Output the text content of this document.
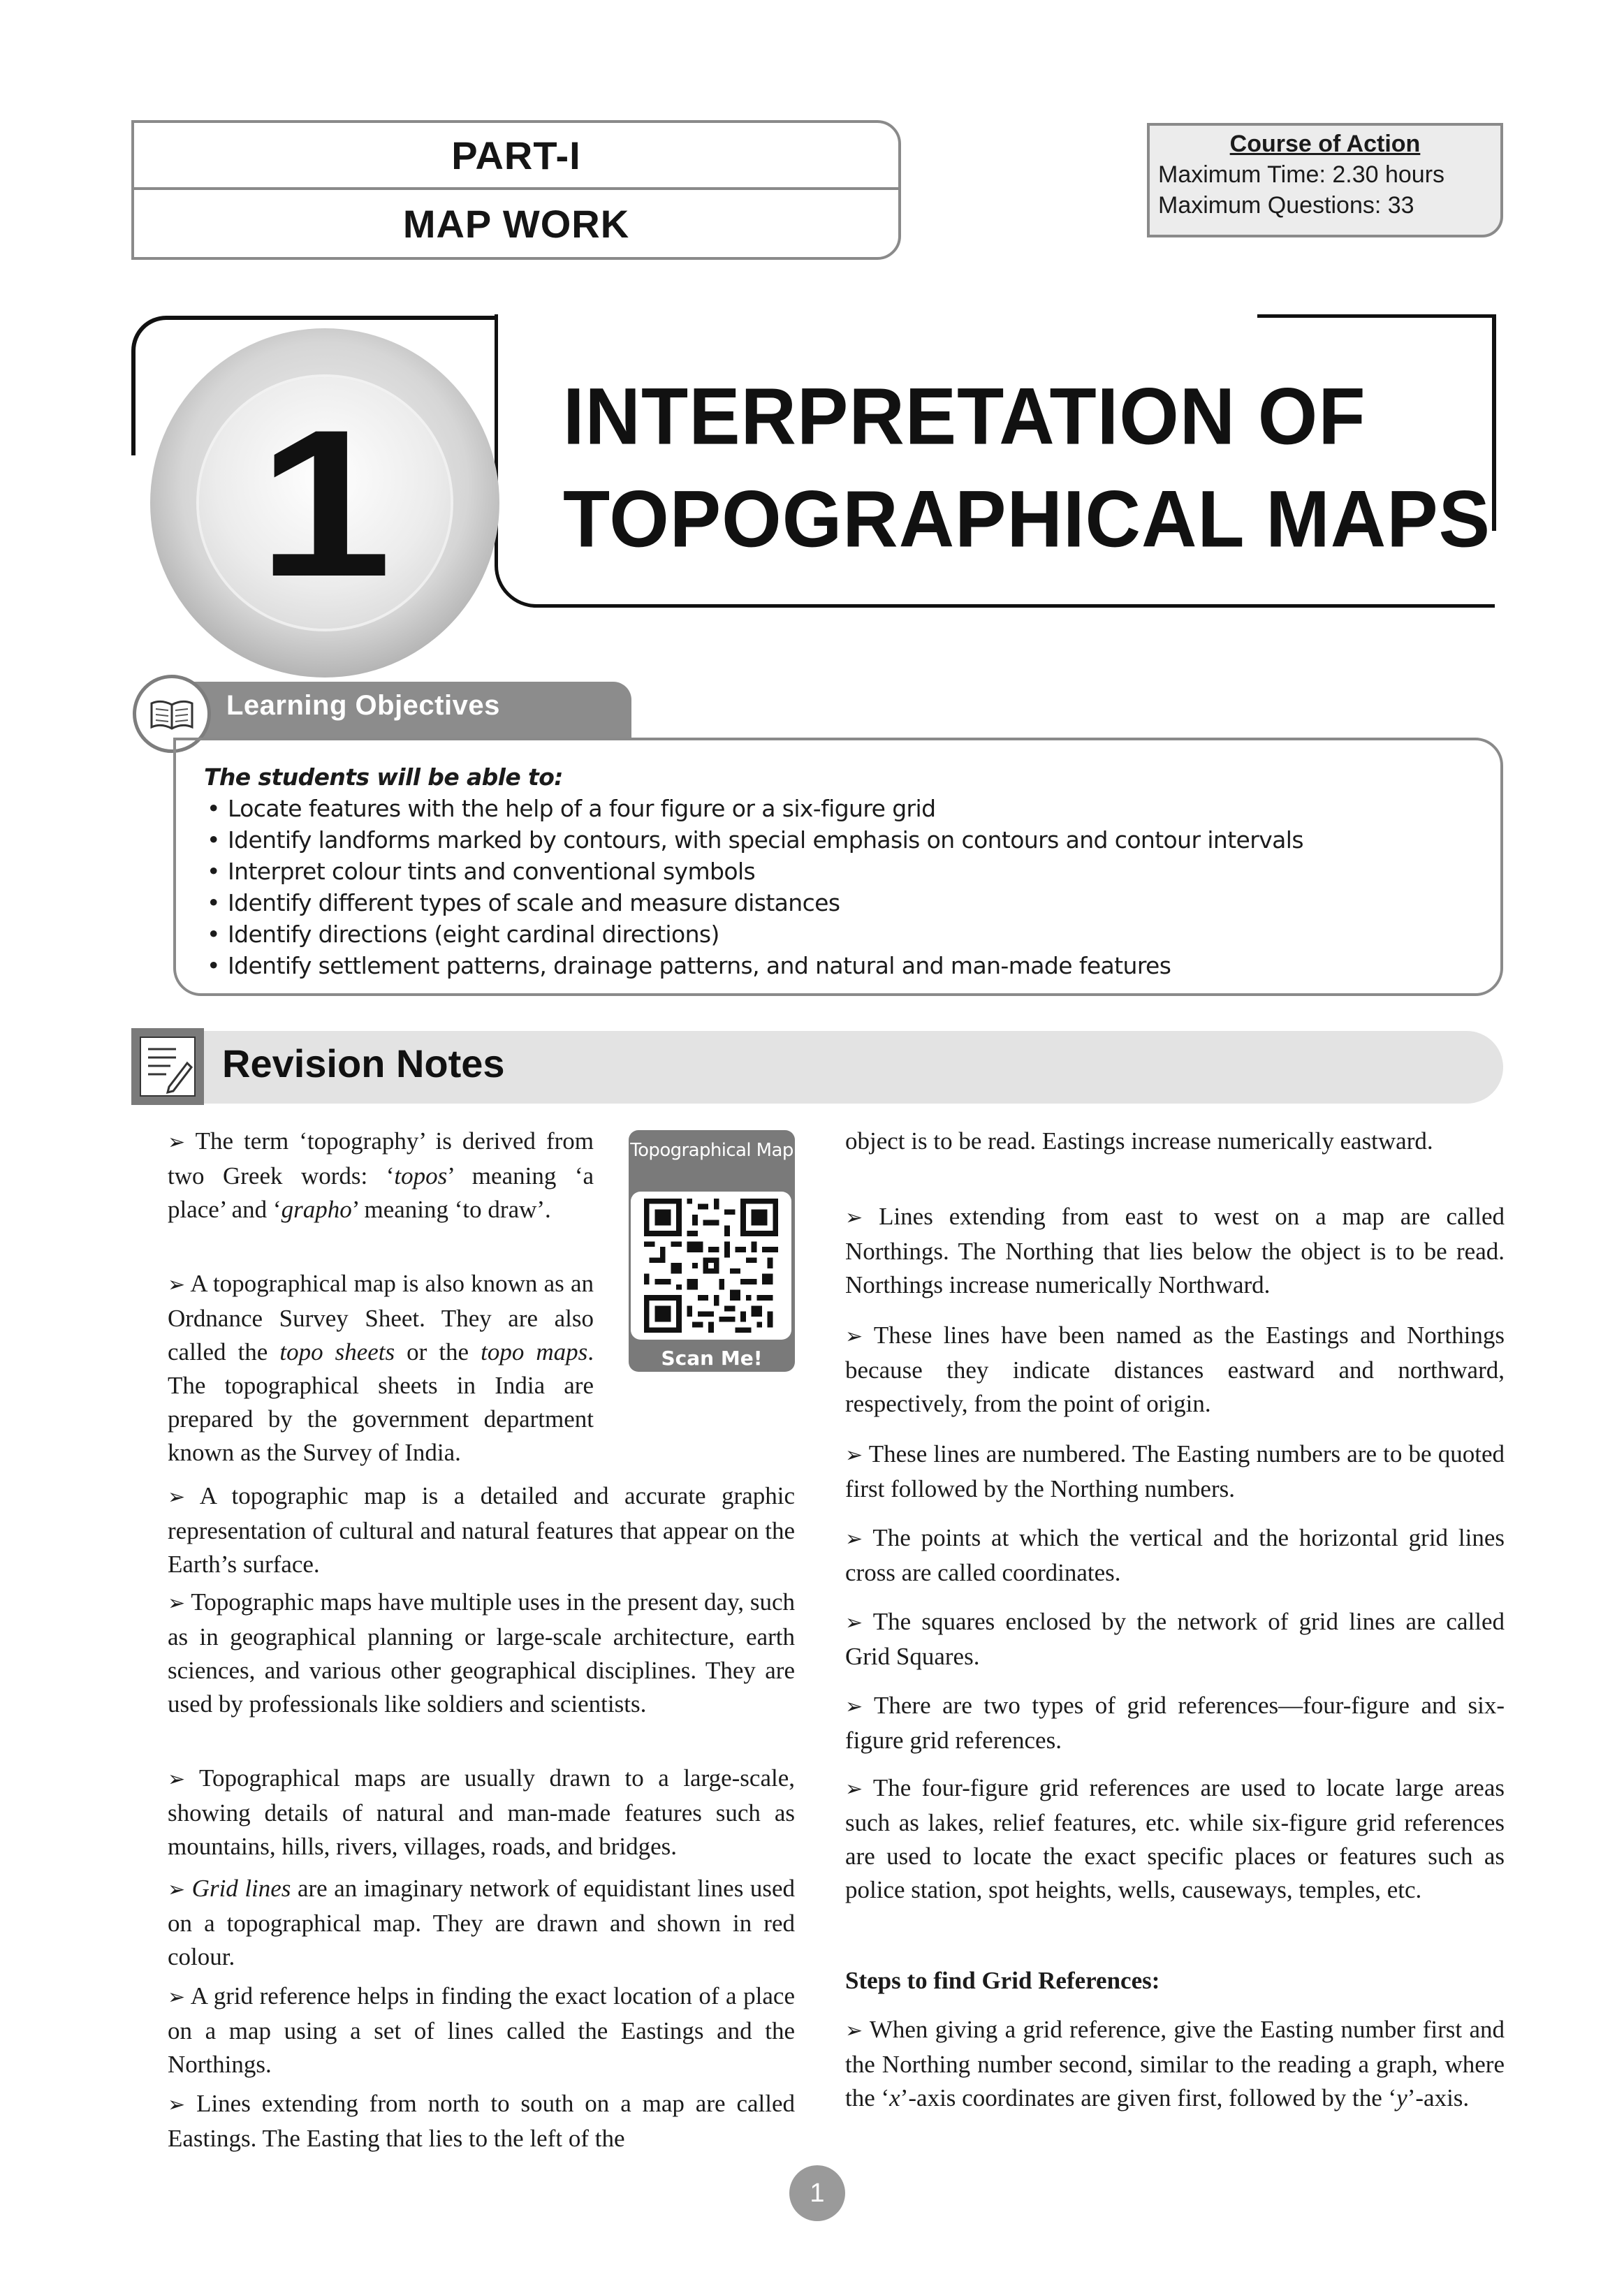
PART-I
MAP WORK
Course of Action
Maximum Time: 2.30 hours
Maximum Questions: 33
1	INTERPRETATION OF
TOPOGRAPHICAL MAPS
Learning Objectives
The students will be able to:
• Locate features with the help of a four figure or a six-figure grid
• Identify landforms marked by contours, with special emphasis on contours and contour intervals
• Interpret colour tints and conventional symbols
• Identify different types of scale and measure distances
• Identify directions (eight cardinal directions)
• Identify settlement patterns, drainage patterns, and natural and man-made features
Revision Notes
Topographical Map
Scan Me!

➢ The term ‘topography’ is derived from two Greek words: ‘topos’ meaning ‘a place’ and ‘grapho’ meaning ‘to draw’.

➢ A topographical map is also known as an Ordnance Survey Sheet. They are also called the topo sheets or the topo maps. The topographical sheets in India are prepared by the government department known as the Survey of India.

➢ A topographic map is a detailed and accurate graphic representation of cultural and natural features that appear on the Earth’s surface.

➢ Topographic maps have multiple uses in the present day, such as in geographical planning or large-scale architecture, earth sciences, and various other geographical disciplines. They are used by professionals like soldiers and scientists.

➢ Topographical maps are usually drawn to a large-scale, showing details of natural and man-made features such as mountains, hills, rivers, villages, roads, and bridges.

➢ Grid lines are an imaginary network of equidistant lines used on a topographical map. They are drawn and shown in red colour.

➢ A grid reference helps in finding the exact location of a place on a map using a set of lines called the Eastings and the Northings.

➢ Lines extending from north to south on a map are called Eastings. The Easting that lies to the left of the

object is to be read. Eastings increase numerically eastward.

➢ Lines extending from east to west on a map are called Northings. The Northing that lies below the object is to be read. Northings increase numerically Northward.

➢ These lines have been named as the Eastings and Northings because they indicate distances eastward and northward, respectively, from the point of origin.

➢ These lines are numbered. The Easting numbers are to be quoted first followed by the Northing numbers.

➢ The points at which the vertical and the horizontal grid lines cross are called coordinates.

➢ The squares enclosed by the network of grid lines are called Grid Squares.

➢ There are two types of grid references—four-figure and six-figure grid references.

➢ The four-figure grid references are used to locate large areas such as lakes, relief features, etc. while six-figure grid references are used to locate the exact specific places or features such as police station, spot heights, wells, causeways, temples, etc.

Steps to find Grid References:

➢ When giving a grid reference, give the Easting number first and the Northing number second, similar to the reading a graph, where the ‘x’-axis coordinates are given first, followed by the ‘y’-axis.

1
